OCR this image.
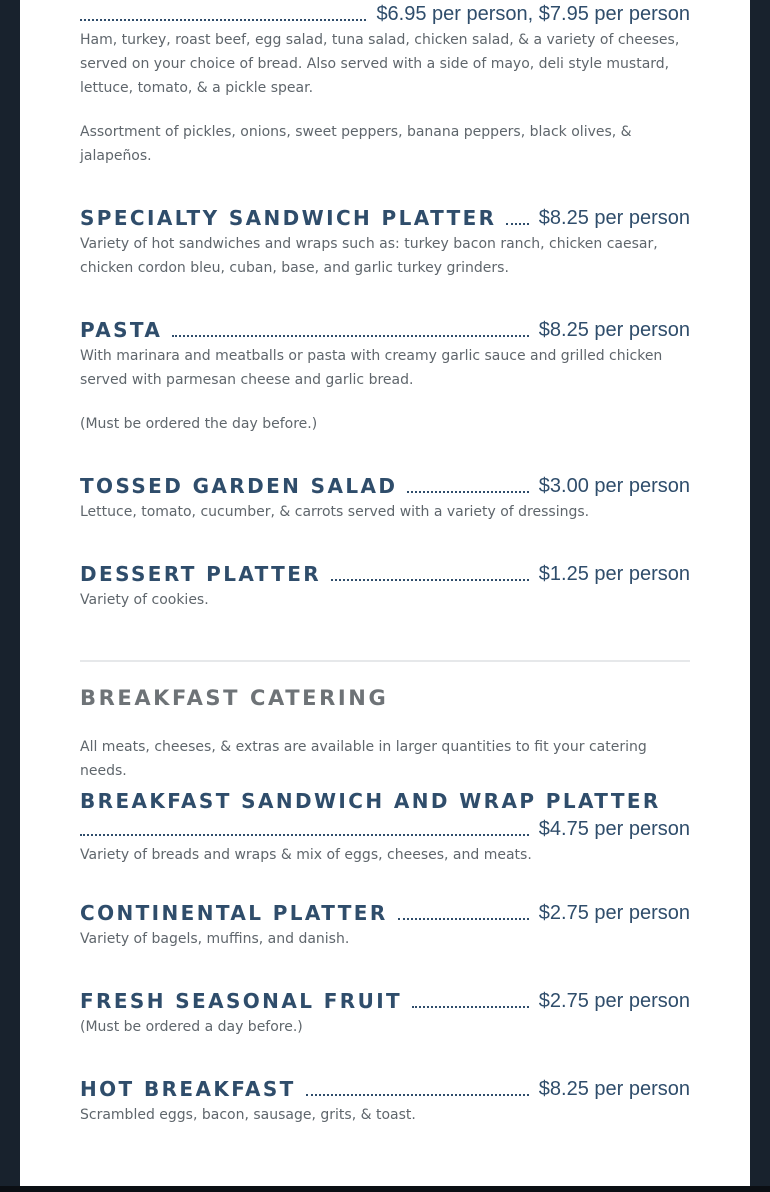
$6.95 per person, $7.95 per person

Ham, turkey, roast beef, egg salad, tuna salad, chicken salad, & a variety of cheeses, served on your choice of bread. Also served with a side of mayo, deli style mustard, lettuce, tomato, & a pickle spear.

Assortment of pickles, onions, sweet peppers, banana peppers, black olives, & jalapeños.

SPECIALTY SANDWICH PLATTER $8.25 per person

Variety of hot sandwiches and wraps such as: turkey bacon ranch, chicken caesar, chicken cordon bleu, cuban, base, and garlic turkey grinders.

PASTA	$8.25 per person

With marinara and meatballs or pasta with creamy garlic sauce and grilled chicken served with parmesan cheese and garlic bread.

(Must be ordered the day before.)

TOSSED GARDEN SALAD	$3.00 per person

Lettuce, tomato, cucumber, & carrots served with a variety of dressings.

DESSERT PLATTER	$1.25 per person

Variety of cookies.

BREAKFAST CATERING

All meats, cheeses, & extras are available in larger quantities to fit your catering needs.

BREAKFAST SANDWICH AND WRAP PLATTER
$4.75 per person

Variety of breads and wraps & mix of eggs, cheeses, and meats.

CONTINENTAL PLATTER	$2.75 per person

Variety of bagels, muffins, and danish.

FRESH SEASONAL FRUIT	$2.75 per person

(Must be ordered a day before.)

HOT BREAKFAST	$8.25 per person

Scrambled eggs, bacon, sausage, grits, & toast.
